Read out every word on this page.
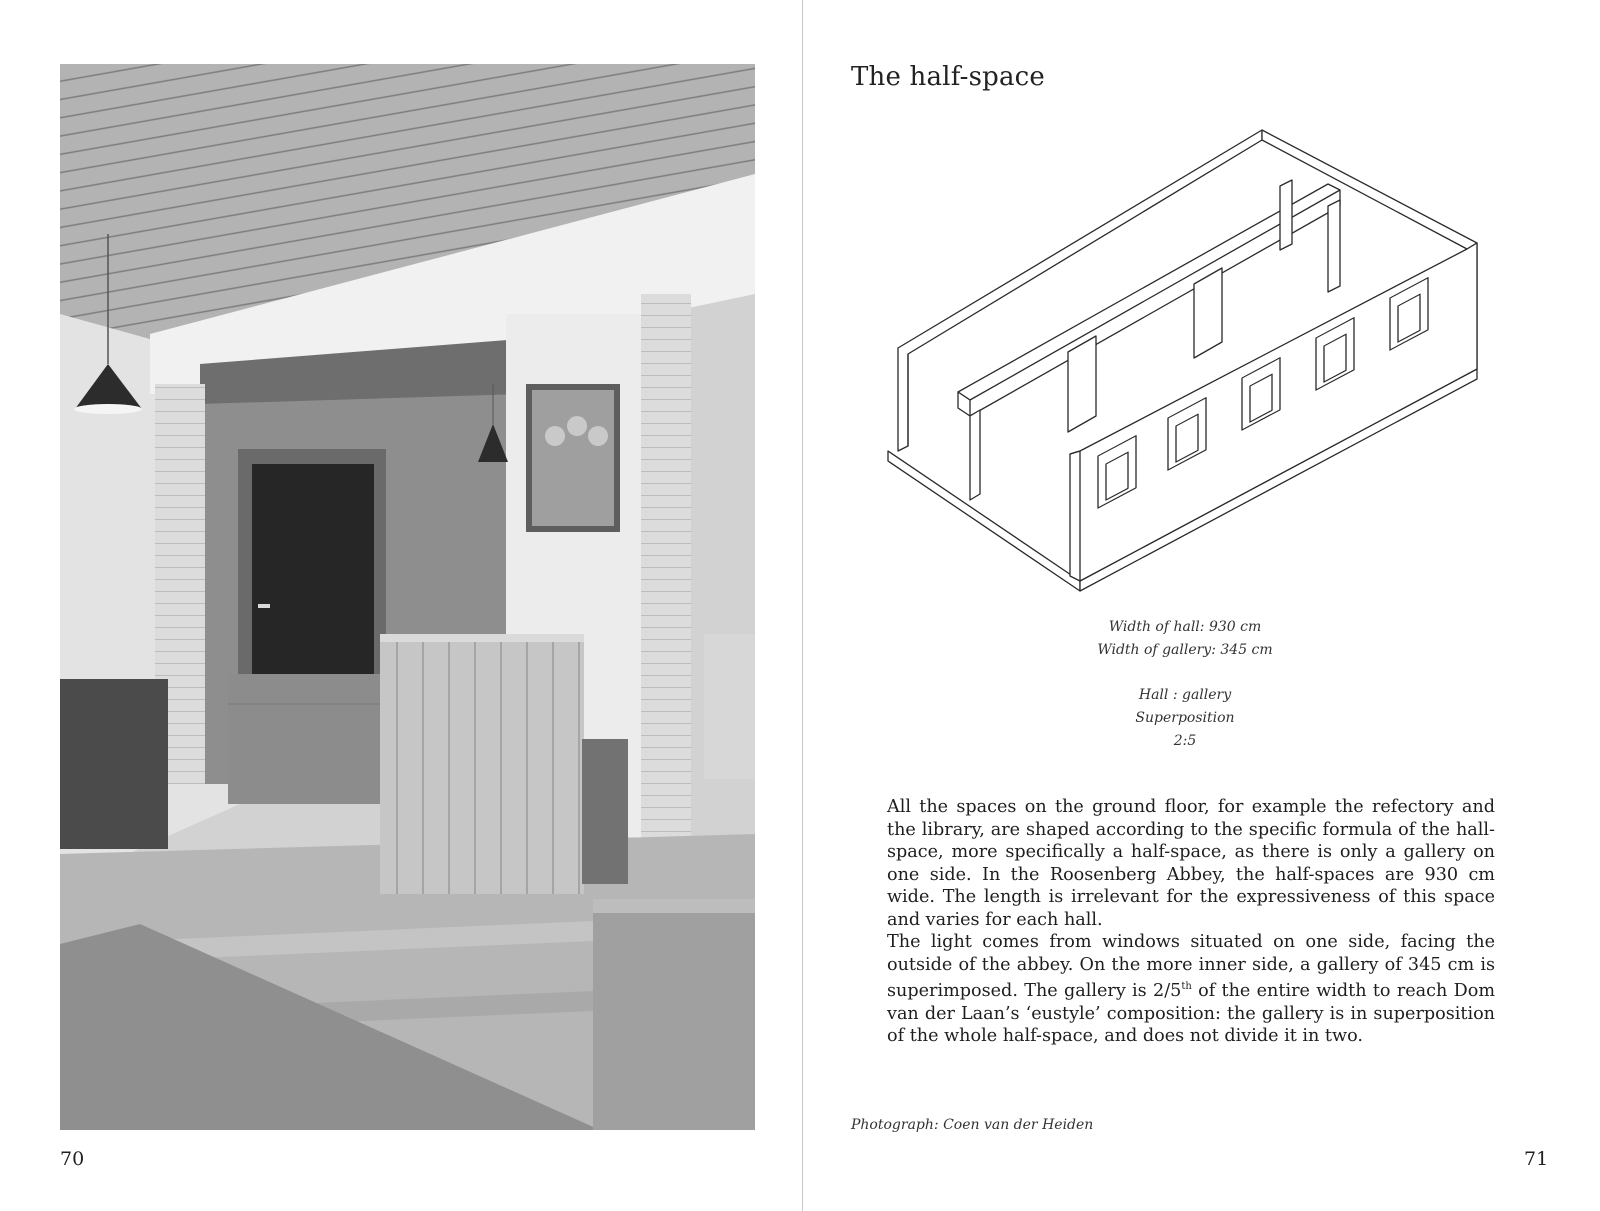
70
The half-space
Width of hall: 930 cm
Width of gallery: 345 cm
Hall : gallery
Superposition
2:5

All the spaces on the ground floor, for example the refectory and the library, are shaped according to the specific formula of the hall-space, more specifically a half-space, as there is only a gallery on one side. In the Roosenberg Abbey, the half-spaces are 930 cm wide. The length is irrelevant for the expressiveness of this space and varies for each hall.

The light comes from windows situated on one side, facing the outside of the abbey. On the more inner side, a gallery of 345 cm is superimposed. The gallery is 2/5th of the entire width to reach Dom van der Laan’s ‘eustyle’ composition: the gallery is in superposition of the whole half-space, and does not divide it in two.

Photograph: Coen van der Heiden
71
